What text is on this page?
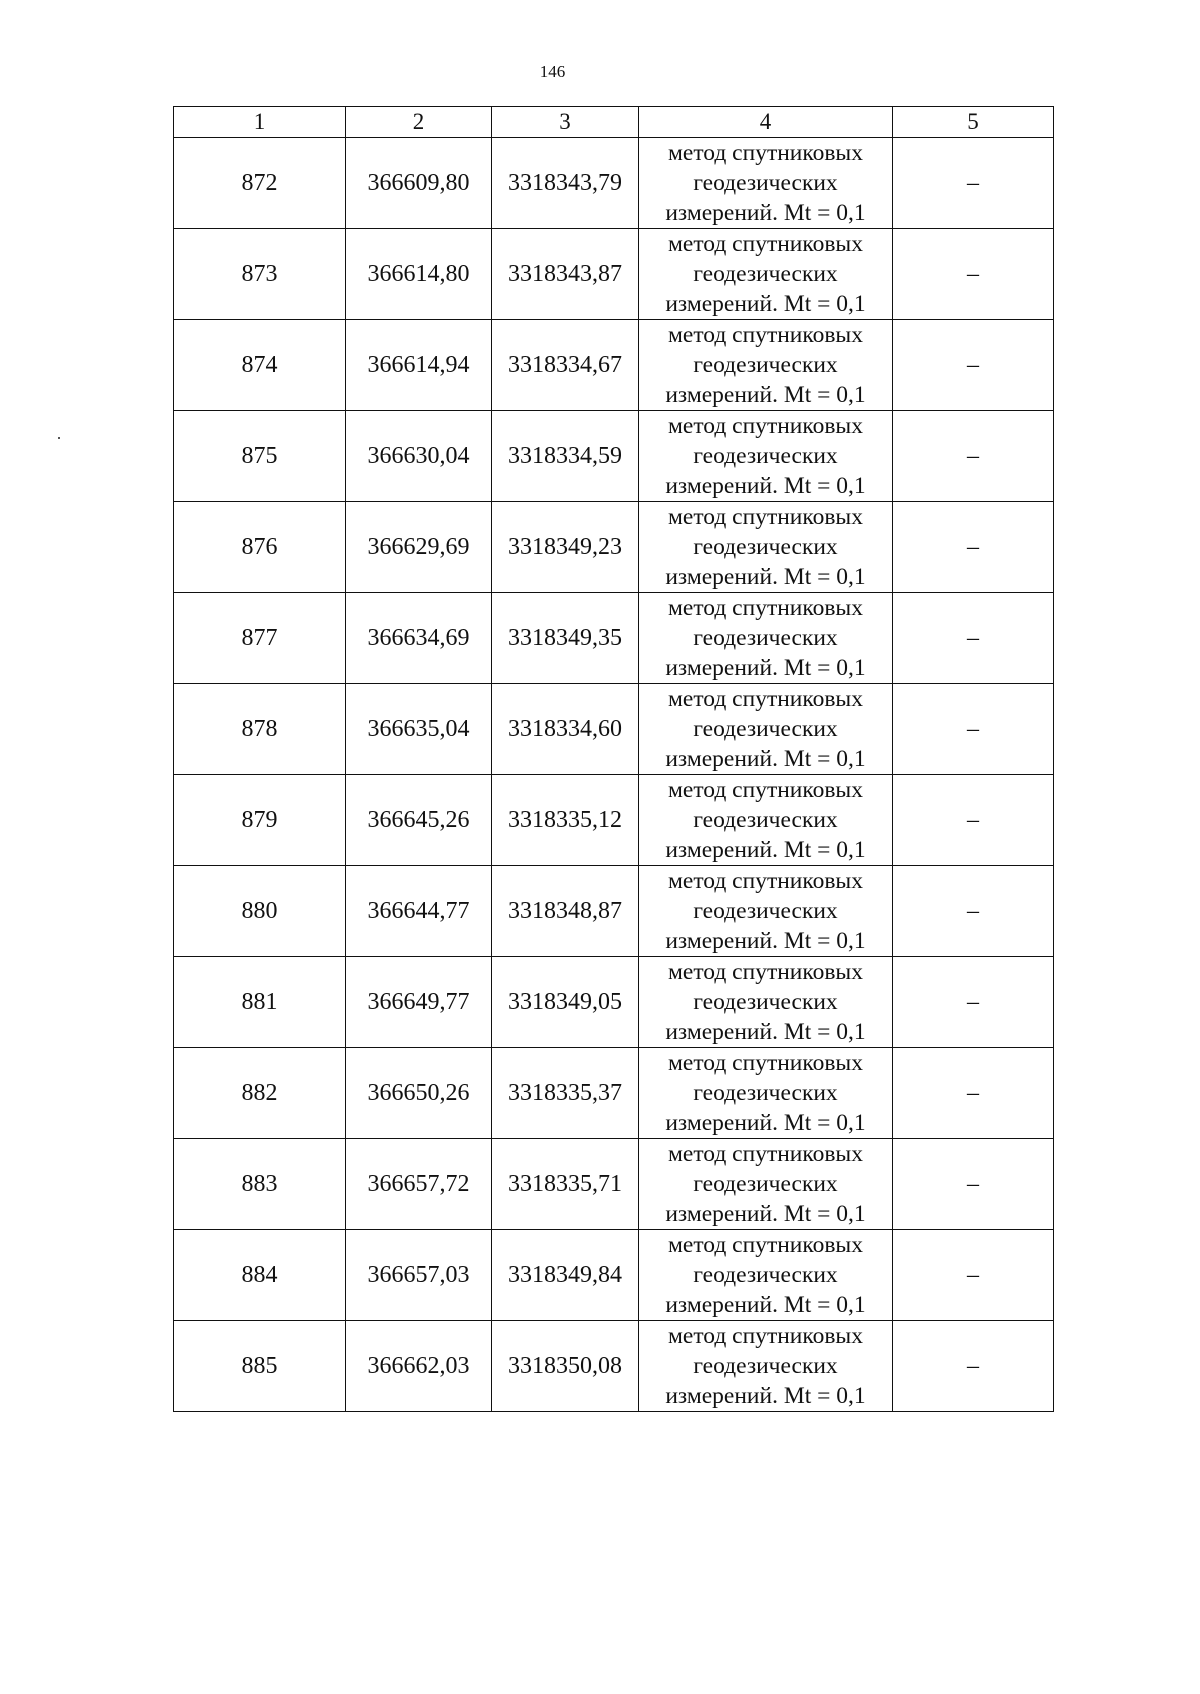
146
1	2	3	4	5
872	366609,80	3318343,79	метод спутниковых геодезических измерений. Mt = 0,1	–
873	366614,80	3318343,87	метод спутниковых геодезических измерений. Mt = 0,1	–
874	366614,94	3318334,67	метод спутниковых геодезических измерений. Mt = 0,1	–
875	366630,04	3318334,59	метод спутниковых геодезических измерений. Mt = 0,1	–
876	366629,69	3318349,23	метод спутниковых геодезических измерений. Mt = 0,1	–
877	366634,69	3318349,35	метод спутниковых геодезических измерений. Mt = 0,1	–
878	366635,04	3318334,60	метод спутниковых геодезических измерений. Mt = 0,1	–
879	366645,26	3318335,12	метод спутниковых геодезических измерений. Mt = 0,1	–
880	366644,77	3318348,87	метод спутниковых геодезических измерений. Mt = 0,1	–
881	366649,77	3318349,05	метод спутниковых геодезических измерений. Mt = 0,1	–
882	366650,26	3318335,37	метод спутниковых геодезических измерений. Mt = 0,1	–
883	366657,72	3318335,71	метод спутниковых геодезических измерений. Mt = 0,1	–
884	366657,03	3318349,84	метод спутниковых геодезических измерений. Mt = 0,1	–
885	366662,03	3318350,08	метод спутниковых геодезических измерений. Mt = 0,1	–
